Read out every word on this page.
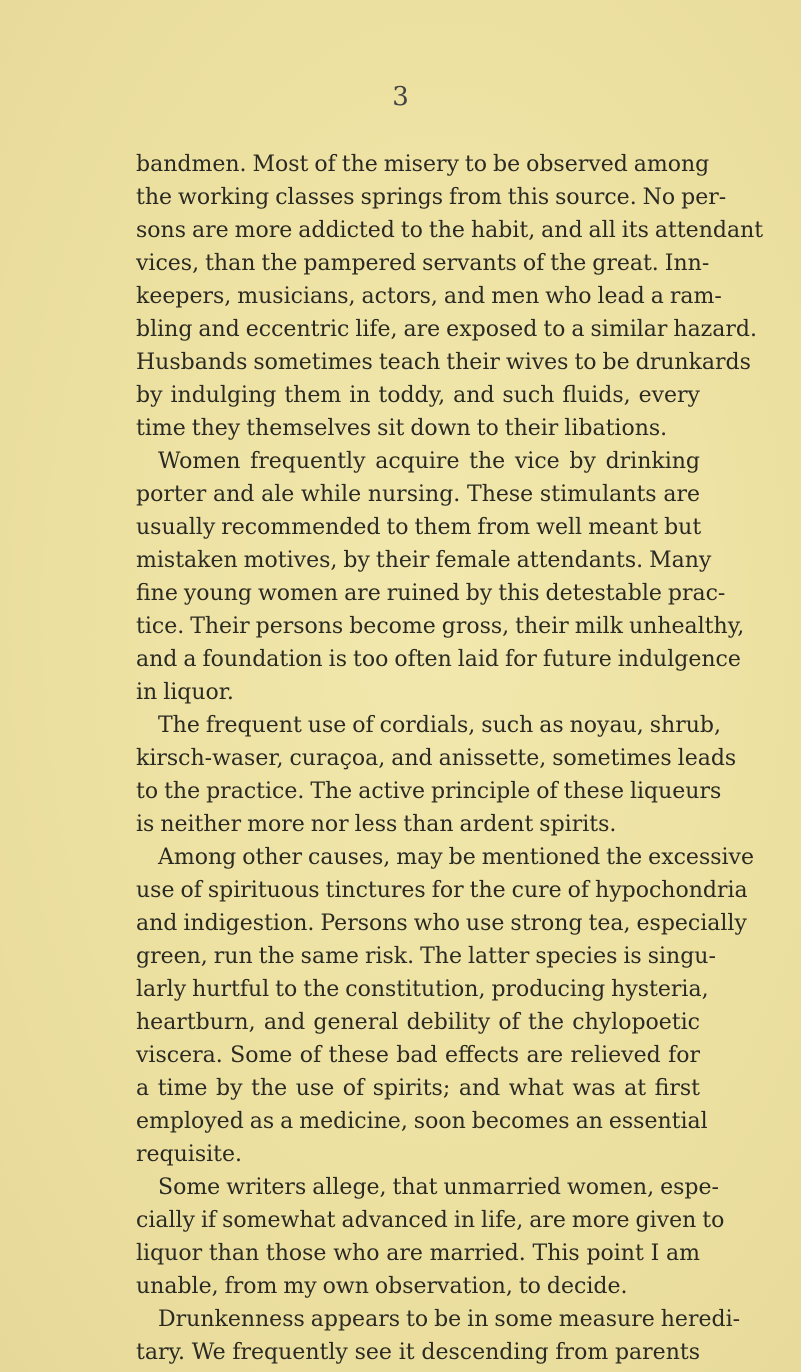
3
bandmen. Most of the misery to be observed among
the working classes springs from this source. No per-
sons are more addicted to the habit, and all its attendant
vices, than the pampered servants of the great. Inn-
keepers, musicians, actors, and men who lead a ram-
bling and eccentric life, are exposed to a similar hazard.
Husbands sometimes teach their wives to be drunkards
by indulging them in toddy, and such fluids, every
time they themselves sit down to their libations.
Women frequently acquire the vice by drinking
porter and ale while nursing. These stimulants are
usually recommended to them from well meant but
mistaken motives, by their female attendants. Many
fine young women are ruined by this detestable prac-
tice. Their persons become gross, their milk unhealthy,
and a foundation is too often laid for future indulgence
in liquor.
The frequent use of cordials, such as noyau, shrub,
kirsch-waser, curaçoa, and anissette, sometimes leads
to the practice. The active principle of these liqueurs
is neither more nor less than ardent spirits.
Among other causes, may be mentioned the excessive
use of spirituous tinctures for the cure of hypochondria
and indigestion. Persons who use strong tea, especially
green, run the same risk. The latter species is singu-
larly hurtful to the constitution, producing hysteria,
heartburn, and general debility of the chylopoetic
viscera. Some of these bad effects are relieved for
a time by the use of spirits; and what was at first
employed as a medicine, soon becomes an essential
requisite.
Some writers allege, that unmarried women, espe-
cially if somewhat advanced in life, are more given to
liquor than those who are married. This point I am
unable, from my own observation, to decide.
Drunkenness appears to be in some measure heredi-
tary. We frequently see it descending from parents
